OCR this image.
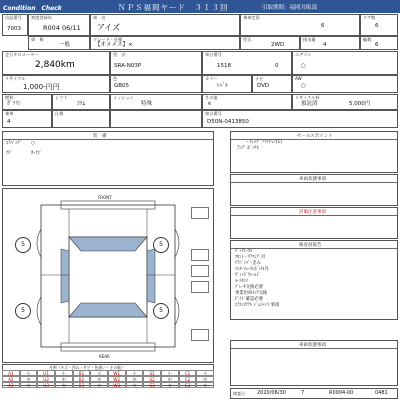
Condition　Check	ＮＰＳ福岡ヤード　３１３回	引取期間：福岡共販部
出品番号
7003
初度登録年
R004 06/11
車　名
アイズ
乗車定員
6
ドア数
6
車　検
一般
グレード・仕様
【オメメス】×
型式
2WD
排気量
4
輪数
6
走行キロメーター
2,840km
型　式
SRA-N03P
車台番号
1518	0
エアコン
○
リサイクル
1,000-円円
色
GB05
カラー
ﾚﾍﾞﾙ
ナビ
DVD
AW
○
燃料
ｶﾞｿﾘﾝ
シフト
ｺﾗﾑ
ミッション
特殊
その他
×
リサイクル料
預託済	5,000円
乗車
4
仕様	車台番号
D50N-0413850
装　備
ｴｱﾊﾞｯｸﾞ ○
ﾅﾋﾞ	ｶｰﾅﾋﾞ
FRONT
REAR
5	5
5	5
凡例（キズ・凹み・サビ・色違い・その他）
A1	小	U1	小	B1	小	W1	小	S1	小	C1	小
A2	中	U2	中	B2	中	W2	中	S2	中	C2	中
A3	大	U3	大	B3	大	W3	大	S3	大	C3	大
セールスポイント
・ﾁｪｯｸﾞ ｿﾌﾄﾁｪﾝ(1)
ｱﾝﾌﾟ ﾎﾞｯｸｽ
車両状態事項
評価注意事項
検査員報告
ﾊﾞｯｸﾚｰﾈﾙ
ﾌﾛﾝﾄ・ﾘｱﾏﾝｸﾞﾗｽ
ﾘｱﾊﾞﾝﾊﾟｰ歪み
ｲﾝﾀｰﾌｪｰｽﾝﾎﾞｯﾄ(?)
ｳﾞｨﾝﾄﾞｳｼｰﾙﾄﾞ
ﾙｰﾌｾﾝｿ
ﾌﾞﾚｰｷ交換必要
事業用車ﾒﾝﾃ交換
ﾋﾟｸﾄﾞ確認必要
ｴｱｺﾝｽﾃﾃﾄ ｼﾞｮﾝﾄﾝﾊﾟ事項
車両状態事項
検査日 2020/06/30	7	R0004-00	0481
